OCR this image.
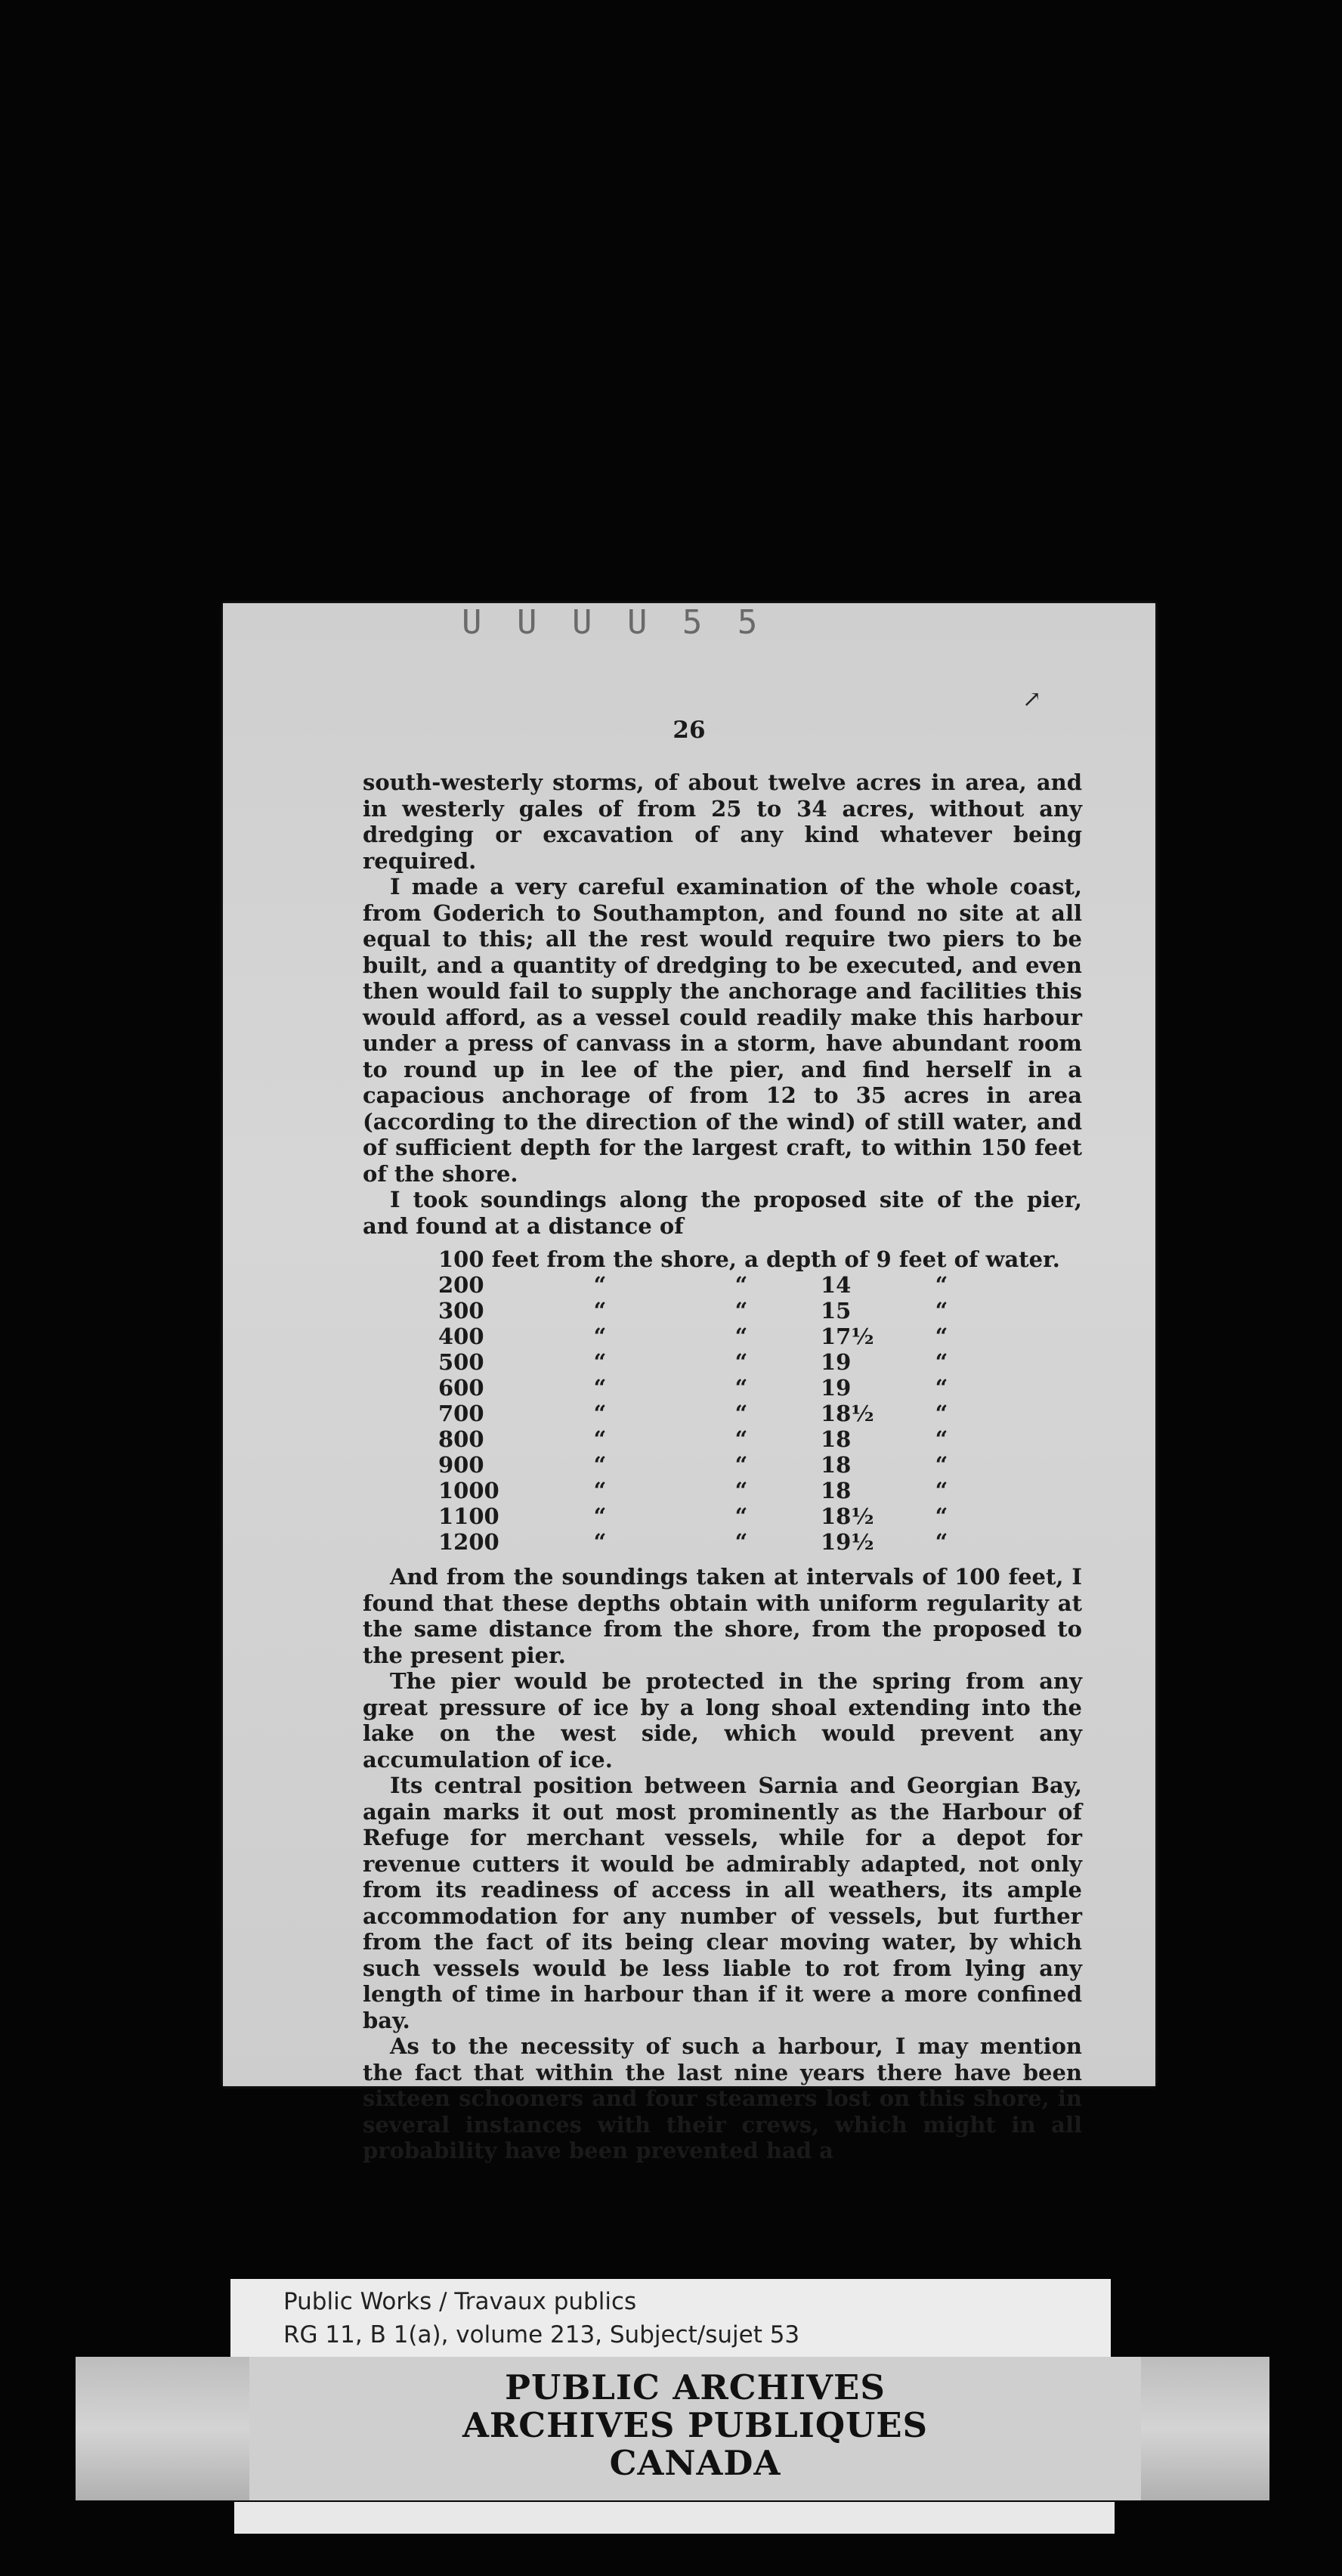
U U U U 5 5
↗
26

south-westerly storms, of about twelve acres in area, and in westerly gales of from 25 to 34 acres, without any dredging or excavation of any kind whatever being required.

I made a very careful examination of the whole coast, from Goderich to Southampton, and found no site at all equal to this; all the rest would require two piers to be built, and a quantity of dredging to be executed, and even then would fail to supply the anchorage and facilities this would afford, as a vessel could readily make this harbour under a press of canvass in a storm, have abundant room to round up in lee of the pier, and find herself in a capacious anchorage of from 12 to 35 acres in area (according to the direction of the wind) of still water, and of sufficient depth for the largest craft, to within 150 feet of the shore.

I took soundings along the proposed site of the pier, and found at a distance of

100 feet from the shore, a depth of 9 feet of water.
200	“	“	14	“
300	“	“	15	“
400	“	“	17½	“
500	“	“	19	“
600	“	“	19	“
700	“	“	18½	“
800	“	“	18	“
900	“	“	18	“
1000	“	“	18	“
1100	“	“	18½	“
1200	“	“	19½	“

And from the soundings taken at intervals of 100 feet, I found that these depths obtain with uniform regularity at the same distance from the shore, from the proposed to the present pier.

The pier would be protected in the spring from any great pressure of ice by a long shoal extending into the lake on the west side, which would prevent any accumulation of ice.

Its central position between Sarnia and Georgian Bay, again marks it out most prominently as the Harbour of Refuge for merchant vessels, while for a depot for revenue cutters it would be admirably adapted, not only from its readiness of access in all weathers, its ample accommodation for any number of vessels, but further from the fact of its being clear moving water, by which such vessels would be less liable to rot from lying any length of time in harbour than if it were a more confined bay.

As to the necessity of such a harbour, I may mention the fact that within the last nine years there have been sixteen schooners and four steamers lost on this shore, in several instances with their crews, which might in all probability have been prevented had a

Public Works / Travaux publics
RG 11, B 1(a), volume 213, Subject/sujet 53
PUBLIC ARCHIVES
ARCHIVES PUBLIQUES
CANADA
